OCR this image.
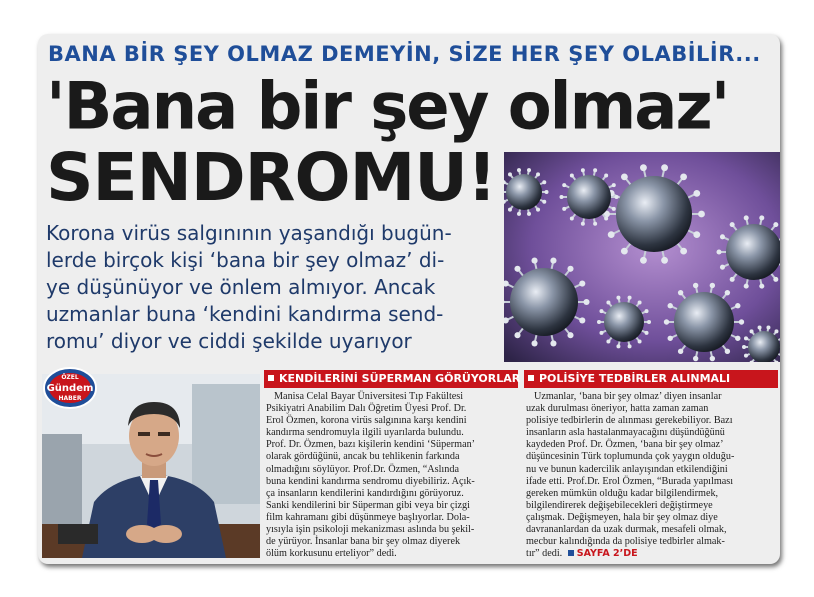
BANA BİR ŞEY OLMAZ DEMEYİN, SİZE HER ŞEY OLABİLİR...
'Bana bir şey olmaz'
SENDROMU!
Korona virüs salgınının yaşandığı bugün-
lerde birçok kişi ‘bana bir şey olmaz’ di-
ye düşünüyor ve önlem almıyor. Ancak
uzmanlar buna ‘kendini kandırma send-
romu’ diyor ve ciddi şekilde uyarıyor
ÖZEL
Gündem
HABER
KENDİLERİNİ SÜPERMAN GÖRÜYORLAR
Manisa Celal Bayar Üniversitesi Tıp Fakültesi
Psikiyatri Anabilim Dalı Öğretim Üyesi Prof. Dr.
Erol Özmen, korona virüs salgınına karşı kendini
kandırma sendromuyla ilgili uyarılarda bulundu.
Prof. Dr. Özmen, bazı kişilerin kendini ‘Süperman’
olarak gördüğünü, ancak bu tehlikenin farkında
olmadığını söylüyor. Prof.Dr. Özmen, “Aslında
buna kendini kandırma sendromu diyebiliriz. Açık-
ça insanların kendilerini kandırdığını görüyoruz.
Sanki kendilerini bir Süperman gibi veya bir çizgi
film kahramanı gibi düşünmeye başlıyorlar. Dola-
yısıyla işin psikoloji mekanizması aslında bu şekil-
de yürüyor. İnsanlar bana bir şey olmaz diyerek
ölüm korkusunu erteliyor” dedi.
POLİSİYE TEDBİRLER ALINMALI
Uzmanlar, ‘bana bir şey olmaz’ diyen insanlar
uzak durulması öneriyor, hatta zaman zaman
polisiye tedbirlerin de alınması gerekebiliyor. Bazı
insanların asla hastalanmayacağını düşündüğünü
kaydeden Prof. Dr. Özmen, ‘bana bir şey olmaz’
düşüncesinin Türk toplumunda çok yaygın olduğu-
nu ve bunun kadercilik anlayışından etkilendiğini
ifade etti. Prof.Dr. Erol Özmen, “Burada yapılması
gereken mümkün olduğu kadar bilgilendirmek,
bilgilendirerek değişebilecekleri değiştirmeye
çalışmak. Değişmeyen, hala bir şey olmaz diye
davrananlardan da uzak durmak, mesafeli olmak,
mecbur kalındığında da polisiye tedbirler almak-
tır” dedi. SAYFA 2’DE
